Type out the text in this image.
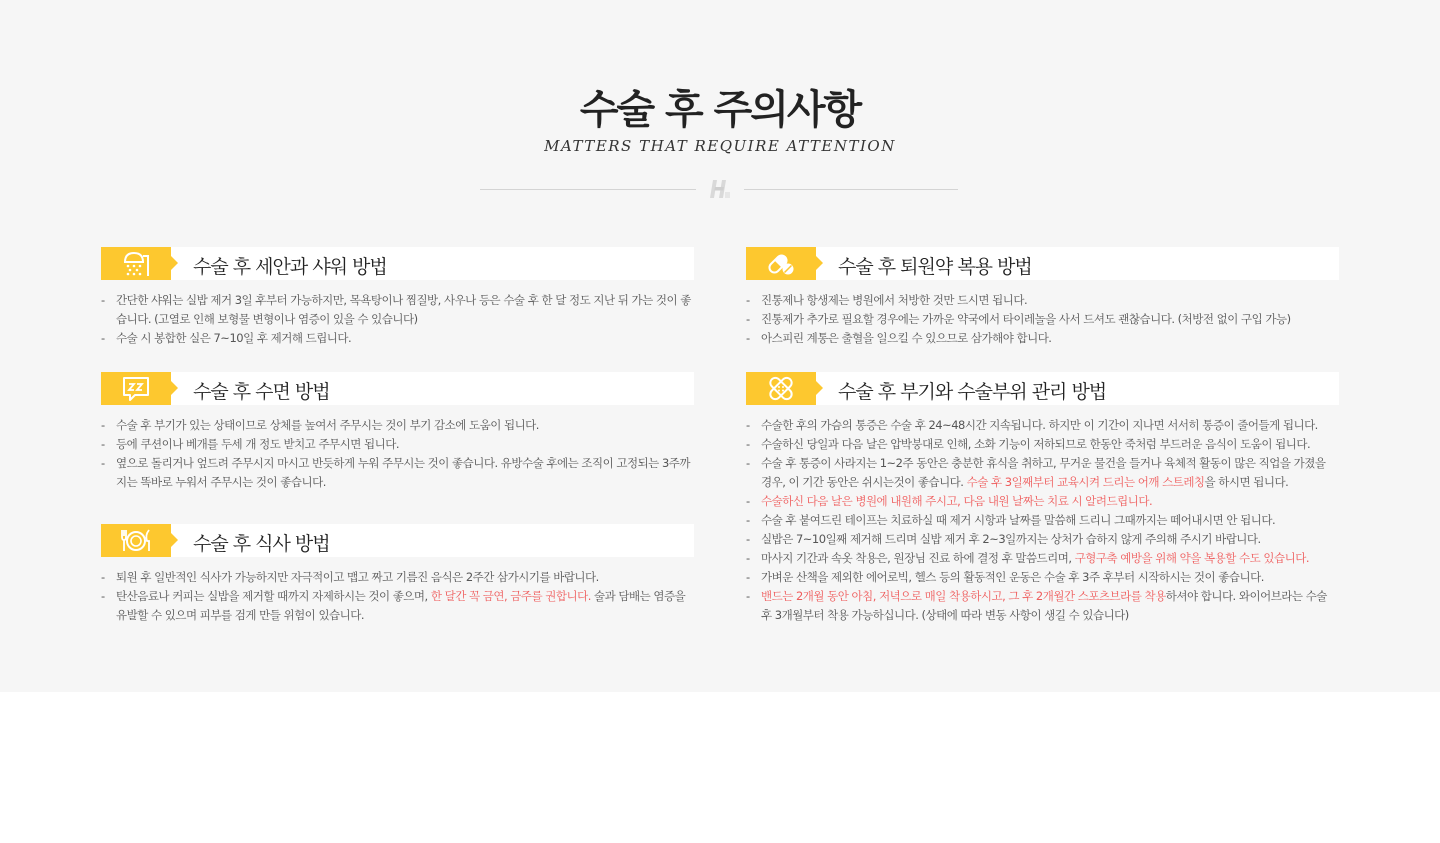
수술 후 주의사항
MATTERS THAT REQUIRE ATTENTION
수술 후 세안과 샤워 방법
- 간단한 샤워는 실밥 제거 3일 후부터 가능하지만, 목욕탕이나 찜질방, 사우나 등은 수술 후 한 달 정도 지난 뒤 가는 것이 좋습니다. (고열로 인해 보형물 변형이나 염증이 있을 수 있습니다)
- 수술 시 봉합한 실은 7~10일 후 제거해 드립니다.
수술 후 수면 방법
- 수술 후 부기가 있는 상태이므로 상체를 높여서 주무시는 것이 부기 감소에 도움이 됩니다.
- 등에 쿠션이나 베개를 두세 개 정도 받치고 주무시면 됩니다.
- 옆으로 돌리거나 엎드려 주무시지 마시고 반듯하게 누워 주무시는 것이 좋습니다. 유방수술 후에는 조직이 고정되는 3주까지는 똑바로 누워서 주무시는 것이 좋습니다.
수술 후 식사 방법
- 퇴원 후 일반적인 식사가 가능하지만 자극적이고 맵고 짜고 기름진 음식은 2주간 삼가시기를 바랍니다.
- 탄산음료나 커피는 실밥을 제거할 때까지 자제하시는 것이 좋으며, 한 달간 꼭 금연, 금주를 권합니다. 술과 담배는 염증을 유발할 수 있으며 피부를 검게 만들 위험이 있습니다.
수술 후 퇴원약 복용 방법
- 진통제나 항생제는 병원에서 처방한 것만 드시면 됩니다.
- 진통제가 추가로 필요할 경우에는 가까운 약국에서 타이레놀을 사서 드셔도 괜찮습니다. (처방전 없이 구입 가능)
- 아스피린 계통은 출혈을 일으킬 수 있으므로 삼가해야 합니다.
수술 후 부기와 수술부위 관리 방법
- 수술한 후의 가슴의 통증은 수술 후 24~48시간 지속됩니다. 하지만 이 기간이 지나면 서서히 통증이 줄어들게 됩니다.
- 수술하신 당일과 다음 날은 압박붕대로 인해, 소화 기능이 저하되므로 한동안 죽처럼 부드러운 음식이 도움이 됩니다.
- 수술 후 통증이 사라지는 1~2주 동안은 충분한 휴식을 취하고, 무거운 물건을 들거나 육체적 활동이 많은 직업을 가졌을 경우, 이 기간 동안은 쉬시는것이 좋습니다. 수술 후 3일째부터 교육시켜 드리는 어깨 스트레칭을 하시면 됩니다.
- 수술하신 다음 날은 병원에 내원해 주시고, 다음 내원 날짜는 치료 시 알려드립니다.
- 수술 후 붙여드린 테이프는 치료하실 때 제거 시항과 날짜를 말씀해 드리니 그때까지는 떼어내시면 안 됩니다.
- 실밥은 7~10일째 제거해 드리며 실밥 제거 후 2~3일까지는 상처가 습하지 않게 주의해 주시기 바랍니다.
- 마사지 기간과 속옷 착용은, 원장님 진료 하에 결정 후 말씀드리며, 구형구축 예방을 위해 약을 복용할 수도 있습니다.
- 가벼운 산책을 제외한 에어로빅, 헬스 등의 활동적인 운동은 수술 후 3주 후부터 시작하시는 것이 좋습니다.
- 밴드는 2개월 동안 아침, 저녁으로 매일 착용하시고, 그 후 2개월간 스포츠브라를 착용하셔야 합니다. 와이어브라는 수술 후 3개월부터 착용 가능하십니다. (상태에 따라 변동 사항이 생길 수 있습니다)
